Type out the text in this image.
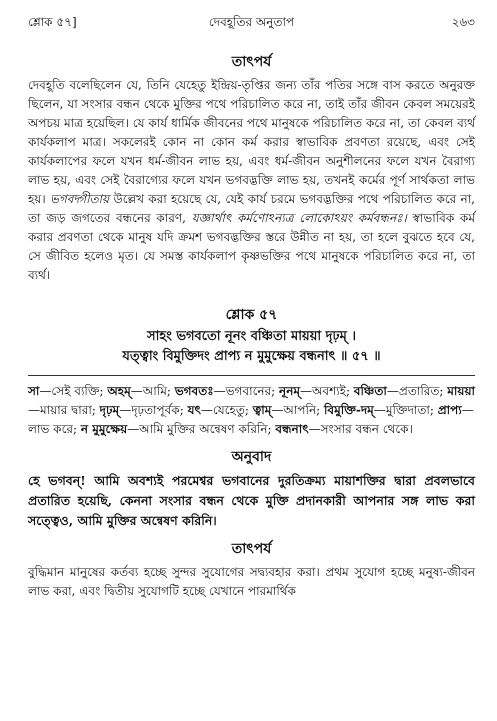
শ্লোক ৫৭]	দেবহূতির অনুতাপ	২৬৩
তাৎপর্য

দেবহূতি বলেছিলেন যে, তিনি যেহেতু ইন্দ্রিয়-তৃপ্তির জন্য তাঁর পতির সঙ্গে বাস করতে অনুরক্ত ছিলেন, যা সংসার বন্ধন থেকে মুক্তির পথে পরিচালিত করে না, তাই তাঁর জীবন কেবল সময়েরই অপচয় মাত্র হয়েছিল। যে কার্য ধার্মিক জীবনের পথে মানুষকে পরিচালিত করে না, তা কেবল ব্যর্থ কার্যকলাপ মাত্র। সকলেরই কোন না কোন কর্ম করার স্বাভাবিক প্রবণতা রয়েছে, এবং সেই কার্যকলাপের ফলে যখন ধর্ম-জীবন লাভ হয়, এবং ধর্ম-জীবন অনুশীলনের ফলে যখন বৈরাগ্য লাভ হয়, এবং সেই বৈরাগ্যের ফলে যখন ভগবদ্ভক্তি লাভ হয়, তখনই কর্মের পূর্ণ সার্থকতা লাভ হয়। ভগবদ্গীতায় উল্লেখ করা হয়েছে যে, যেই কার্য চরমে ভগবদ্ভক্তির পথে পরিচালিত করে না, তা জড় জগতের বন্ধনের কারণ, যজ্ঞার্থাৎ কর্মণোঽন্যত্র লোকোঽয়ং কর্মবন্ধনঃ। স্বাভাবিক কর্ম করার প্রবণতা থেকে মানুষ যদি ক্রমশ ভগবদ্ভক্তির স্তরে উন্নীত না হয়, তা হলে বুঝতে হবে যে, সে জীবিত হলেও মৃত। যে সমস্ত কার্যকলাপ কৃষ্ণভক্তির পথে মানুষকে পরিচালিত করে না, তা ব্যর্থ।

শ্লোক ৫৭

সাহং ভগবতো নূনং বঞ্চিতা মায়য়া দৃঢ়ম্ ।

যত্ত্বাং বিমুক্তিদং প্রাপ্য ন মুমুক্ষেয় বন্ধনাৎ ॥ ৫৭ ॥

সা—সেই ব্যক্তি; অহম্—আমি; ভগবতঃ—ভগবানের; নূনম্—অবশ্যই; বঞ্চিতা—প্রতারিত; মায়য়া—মায়ার দ্বারা; দৃঢ়ম্—দৃঢ়তাপূর্বক; যৎ—যেহেতু; ত্বাম্—আপনি; বিমুক্তি-দম্—মুক্তিদাতা; প্রাপ্য—লাভ করে; ন মুমুক্ষেয়—আমি মুক্তির অন্বেষণ করিনি; বন্ধনাৎ—সংসার বন্ধন থেকে।

অনুবাদ

হে ভগবন্! আমি অবশ্যই পরমেশ্বর ভগবানের দুরতিক্রম্য মায়াশক্তির দ্বারা প্রবলভাবে প্রতারিত হয়েছি, কেননা সংসার বন্ধন থেকে মুক্তি প্রদানকারী আপনার সঙ্গ লাভ করা সত্ত্বেও, আমি মুক্তির অন্বেষণ করিনি।

তাৎপর্য

বুদ্ধিমান মানুষের কর্তব্য হচ্ছে সুন্দর সুযোগের সদ্ব্যবহার করা। প্রথম সুযোগ হচ্ছে মনুষ্য-জীবন লাভ করা, এবং দ্বিতীয় সুযোগটি হচ্ছে যেখানে পারমার্থিক
